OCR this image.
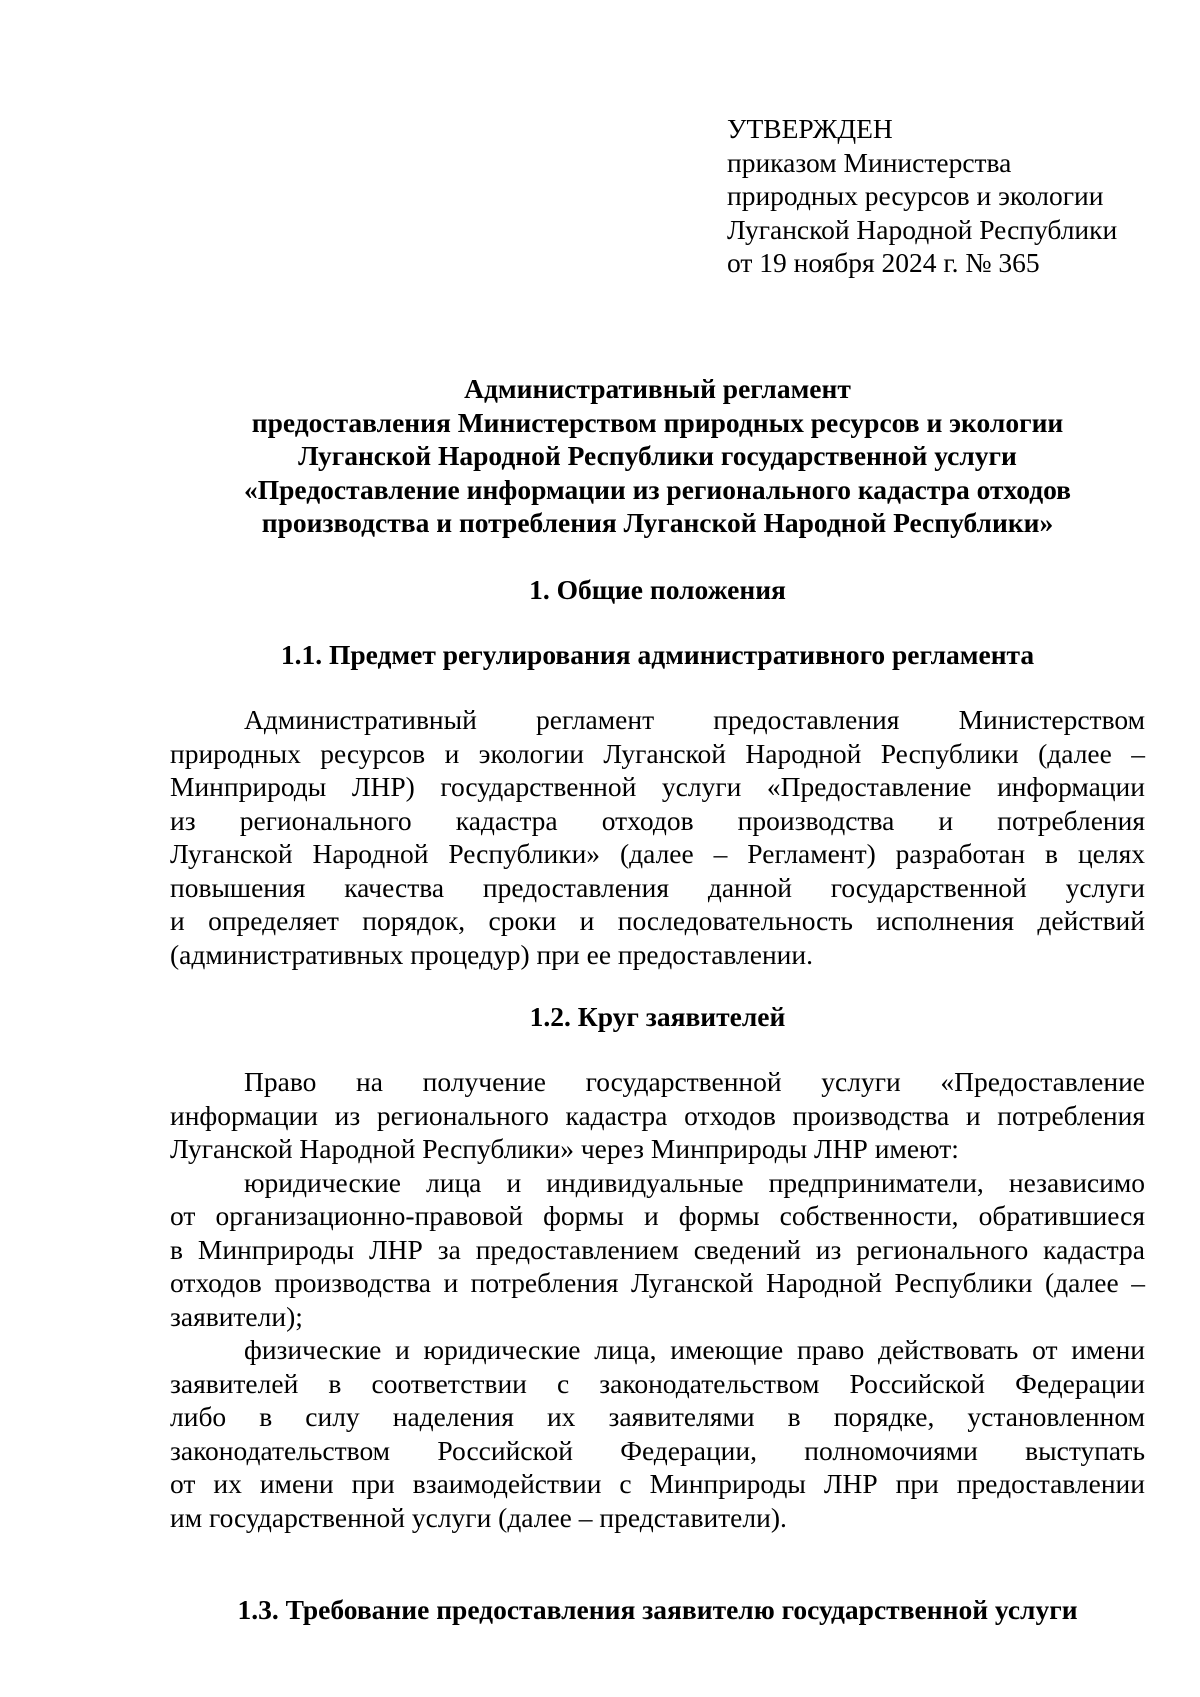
УТВЕРЖДЕН
приказом Министерства
природных ресурсов и экологии
Луганской Народной Республики
от 19 ноября 2024 г. № 365
Административный регламент
предоставления Министерством природных ресурсов и экологии
Луганской Народной Республики государственной услуги
«Предоставление информации из регионального кадастра отходов
производства и потребления Луганской Народной Республики»
1. Общие положения
1.1. Предмет регулирования административного регламента
Административный регламент предоставления Министерством
природных ресурсов и экологии Луганской Народной Республики (далее –
Минприроды ЛНР) государственной услуги «Предоставление информации
из регионального кадастра отходов производства и потребления
Луганской Народной Республики» (далее – Регламент) разработан в целях
повышения качества предоставления данной государственной услуги
и определяет порядок, сроки и последовательность исполнения действий
(административных процедур) при ее предоставлении.
1.2. Круг заявителей
Право на получение государственной услуги «Предоставление
информации из регионального кадастра отходов производства и потребления
Луганской Народной Республики» через Минприроды ЛНР имеют:
юридические лица и индивидуальные предприниматели, независимо
от организационно-правовой формы и формы собственности, обратившиеся
в Минприроды ЛНР за предоставлением сведений из регионального кадастра
отходов производства и потребления Луганской Народной Республики (далее –
заявители);
физические и юридические лица, имеющие право действовать от имени
заявителей в соответствии с законодательством Российской Федерации
либо в силу наделения их заявителями в порядке, установленном
законодательством Российской Федерации, полномочиями выступать
от их имени при взаимодействии с Минприроды ЛНР при предоставлении
им государственной услуги (далее – представители).
1.3. Требование предоставления заявителю государственной услуги
